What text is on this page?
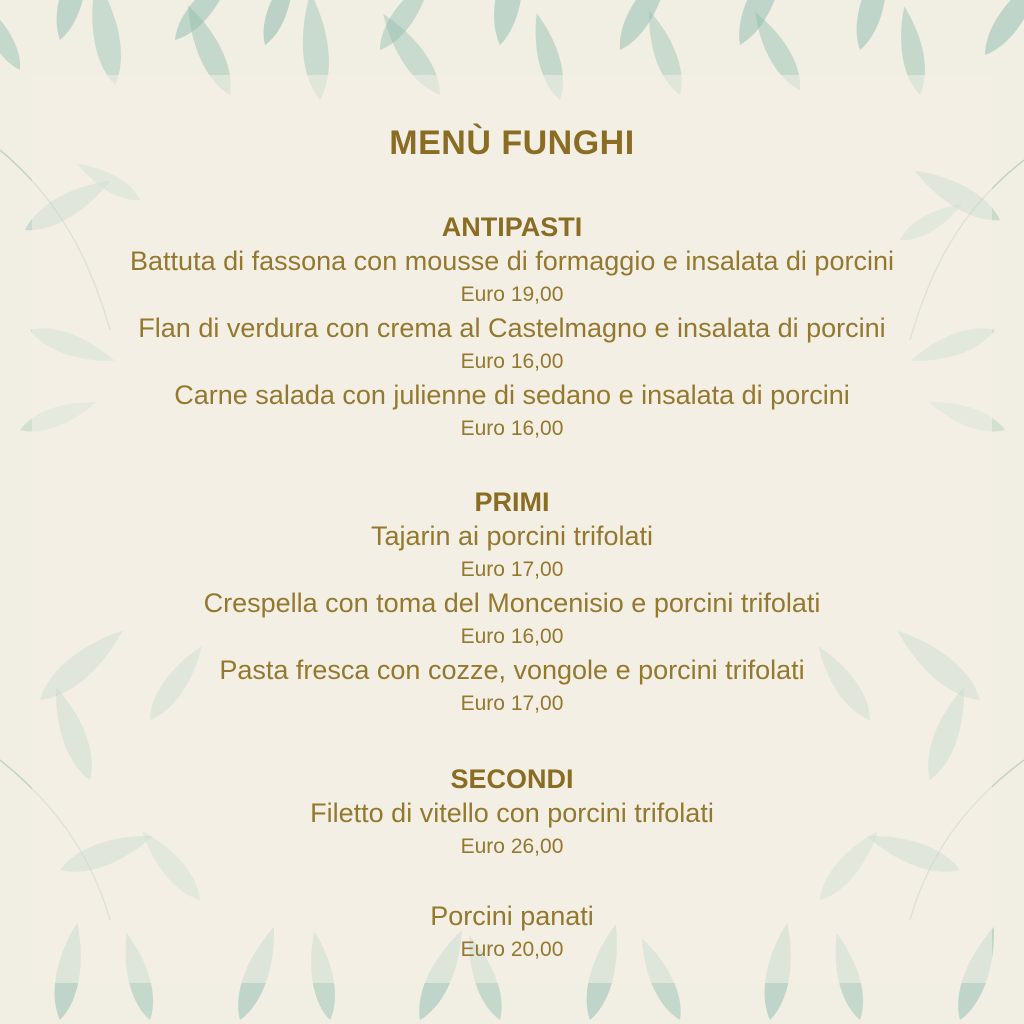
MENÙ FUNGHI
ANTIPASTI
Battuta di fassona con mousse di formaggio e insalata di porcini
Euro 19,00
Flan di verdura con crema al Castelmagno e insalata di porcini
Euro 16,00
Carne salada con julienne di sedano e insalata di porcini
Euro 16,00
PRIMI
Tajarin ai porcini trifolati
Euro 17,00
Crespella con toma del Moncenisio e porcini trifolati
Euro 16,00
Pasta fresca con cozze, vongole e porcini trifolati
Euro 17,00
SECONDI
Filetto di vitello con porcini trifolati
Euro 26,00
Porcini panati
Euro 20,00
